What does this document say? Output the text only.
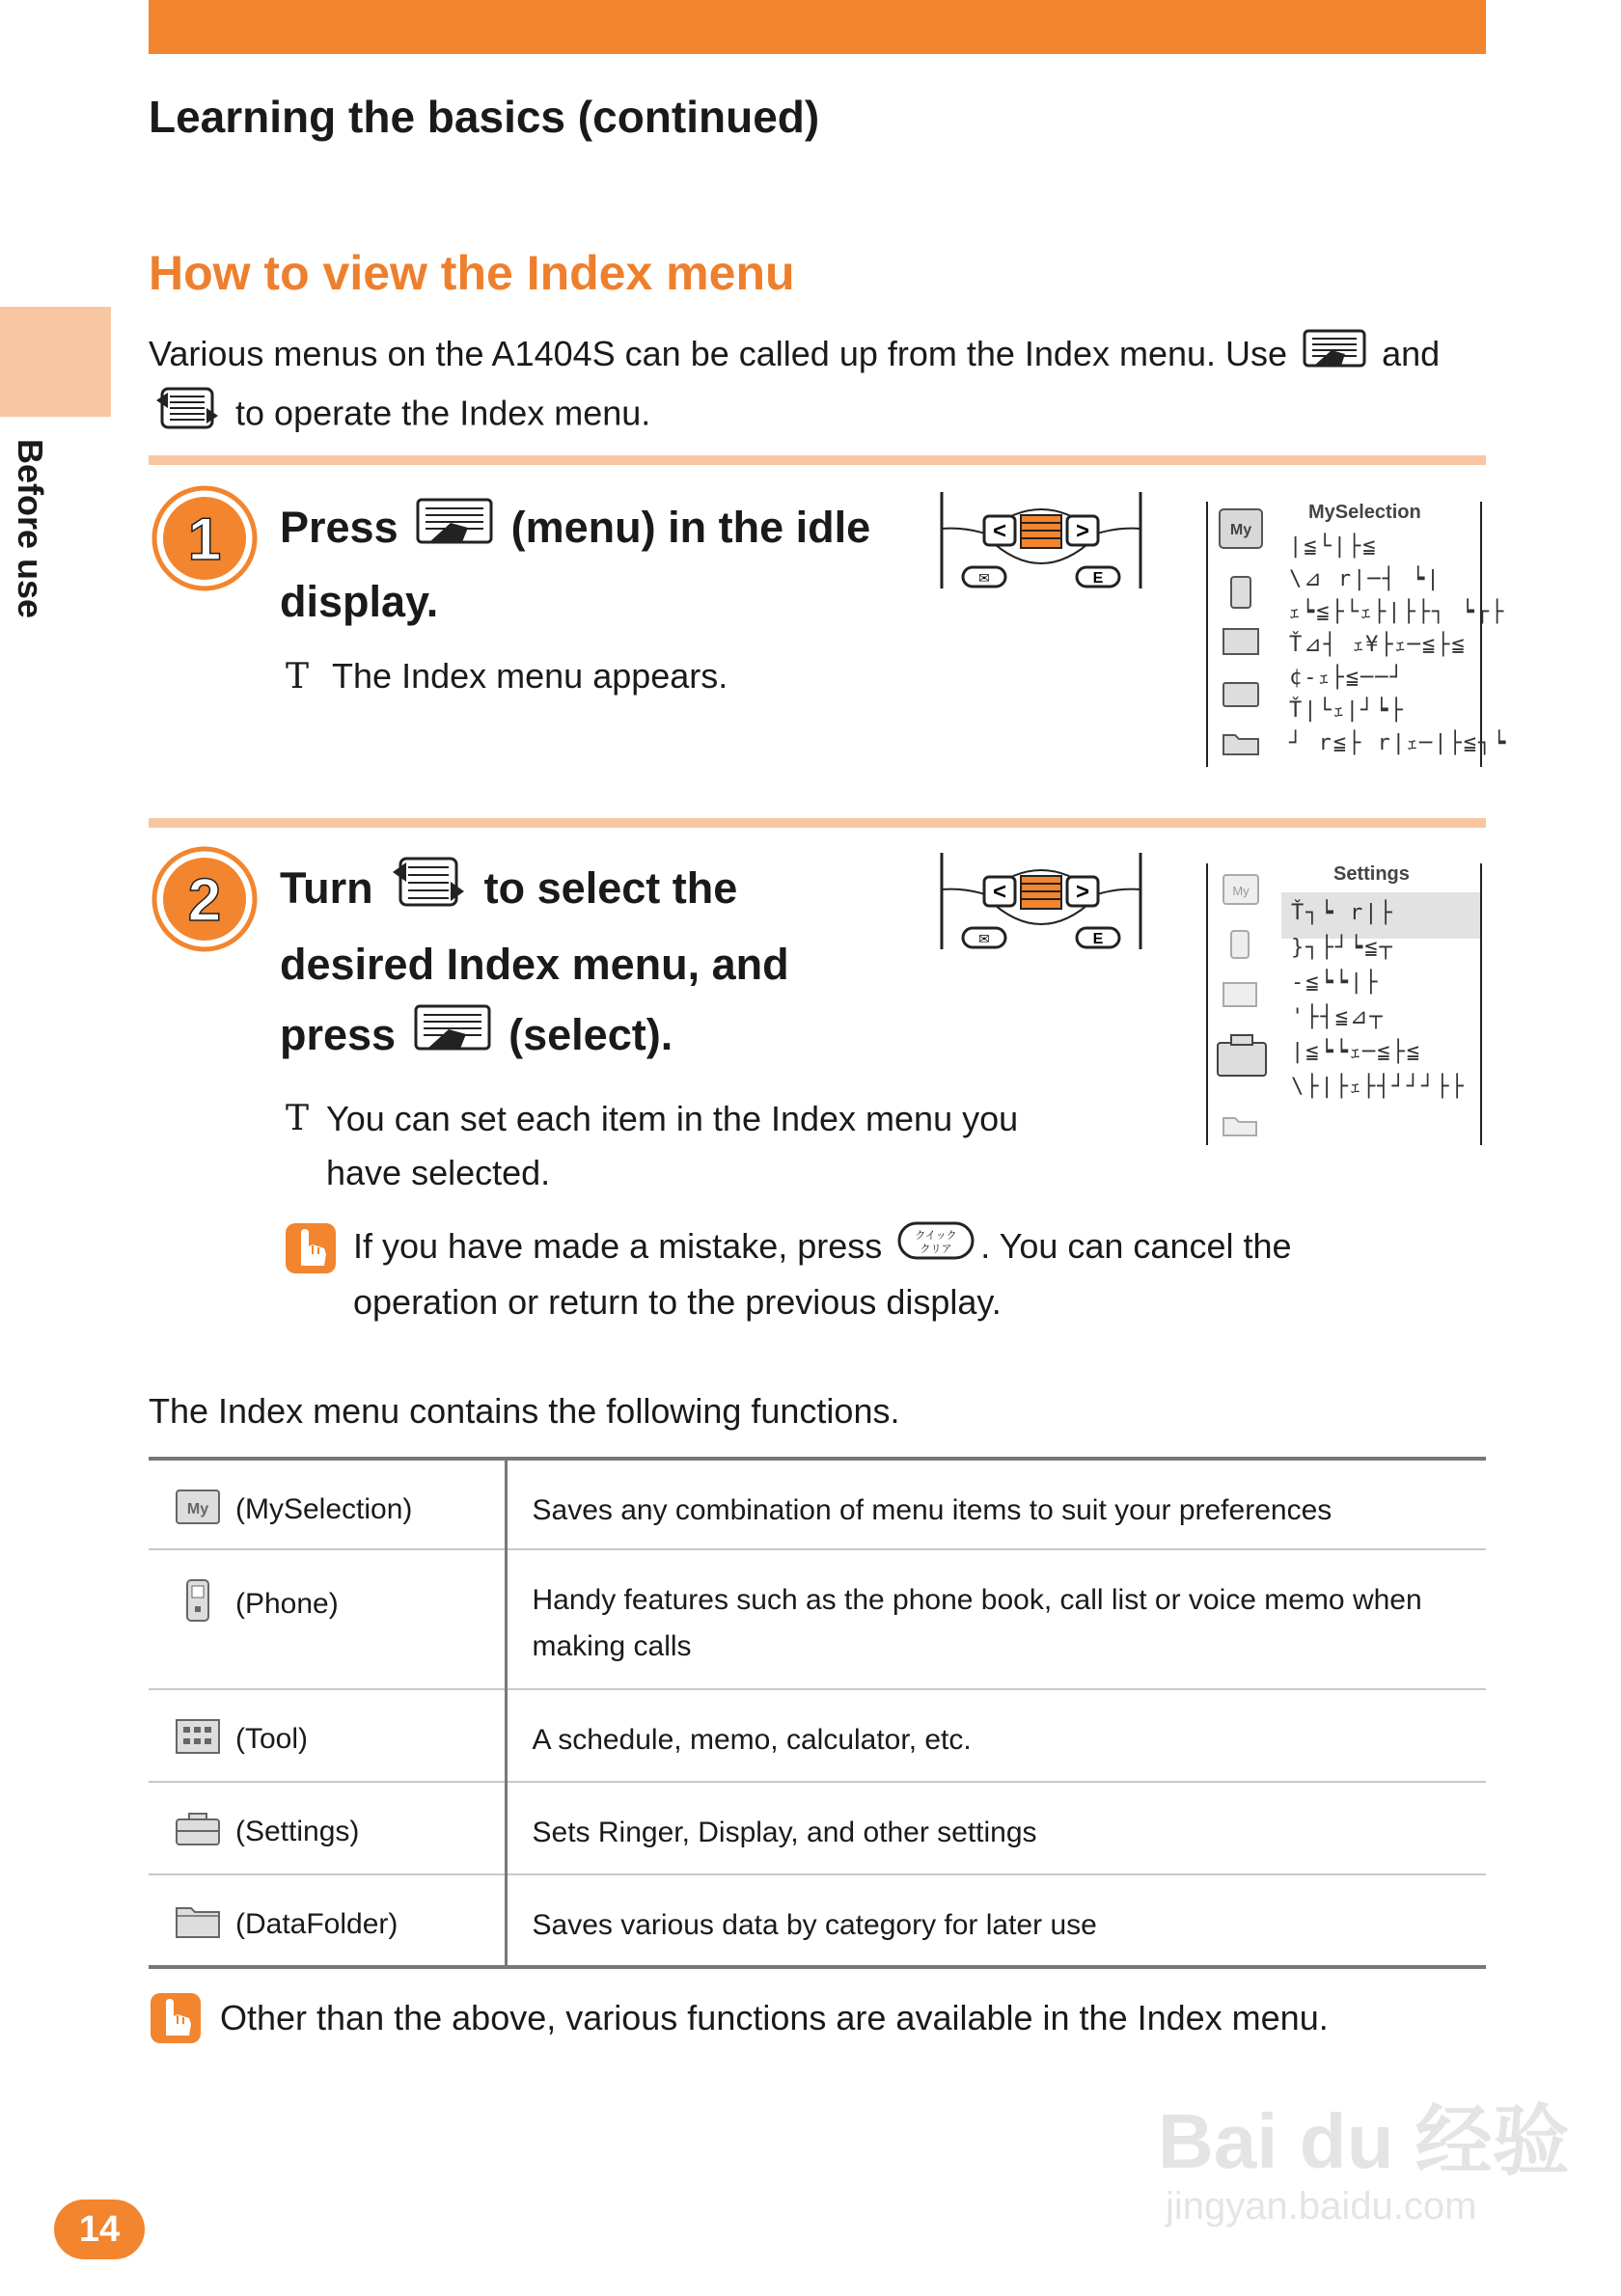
Before use
Learning the basics (continued)
How to view the Index menu
Various menus on the A1404S can be called up from the Index menu. Use	and  to operate the Index menu.
1 Press	(menu) in the idle display.
T The Index menu appears.
<	>
✉	E
My
MySelection
|≦└|├≦
\⊿ r|─┤ ┕|
ｪ┕≦├└ｪ├|├├┐ ┕┌├
Ť⊿┤ ｪ¥├ｪ─≦├≦
¢-ｪ├≦──┘
Ť|└ｪ|┘┕├
┘ r≦├ r|ｪ─|├≦┐┕
2 Turn	to select the desired Index menu, and press	(select).
T You can set each item in the Index menu you have selected.
If you have made a mistake, press	クイック
クリア . You can cancel the operation or return to the previous display.
<	>
✉	E
My
Settings
Ť┐┕ r|├
}┐├┘┕≦┬
-≦┕┕|├
'├┤≦⊿┬
|≦┕┕ｪ─≦├≦
\├|├ｪ├┤┘┘┘├├
The Index menu contains the following functions.
My (MySelection)	Saves any combination of menu items to suit your preferences
(Phone)	Handy features such as the phone book, call list or voice memo when making calls
(Tool)	A schedule, memo, calculator, etc.
(Settings)	Sets Ringer, Display, and other settings
(DataFolder)	Saves various data by category for later use
Other than the above, various functions are available in the Index menu.
14
Bai du 经验
jingyan.baidu.com
